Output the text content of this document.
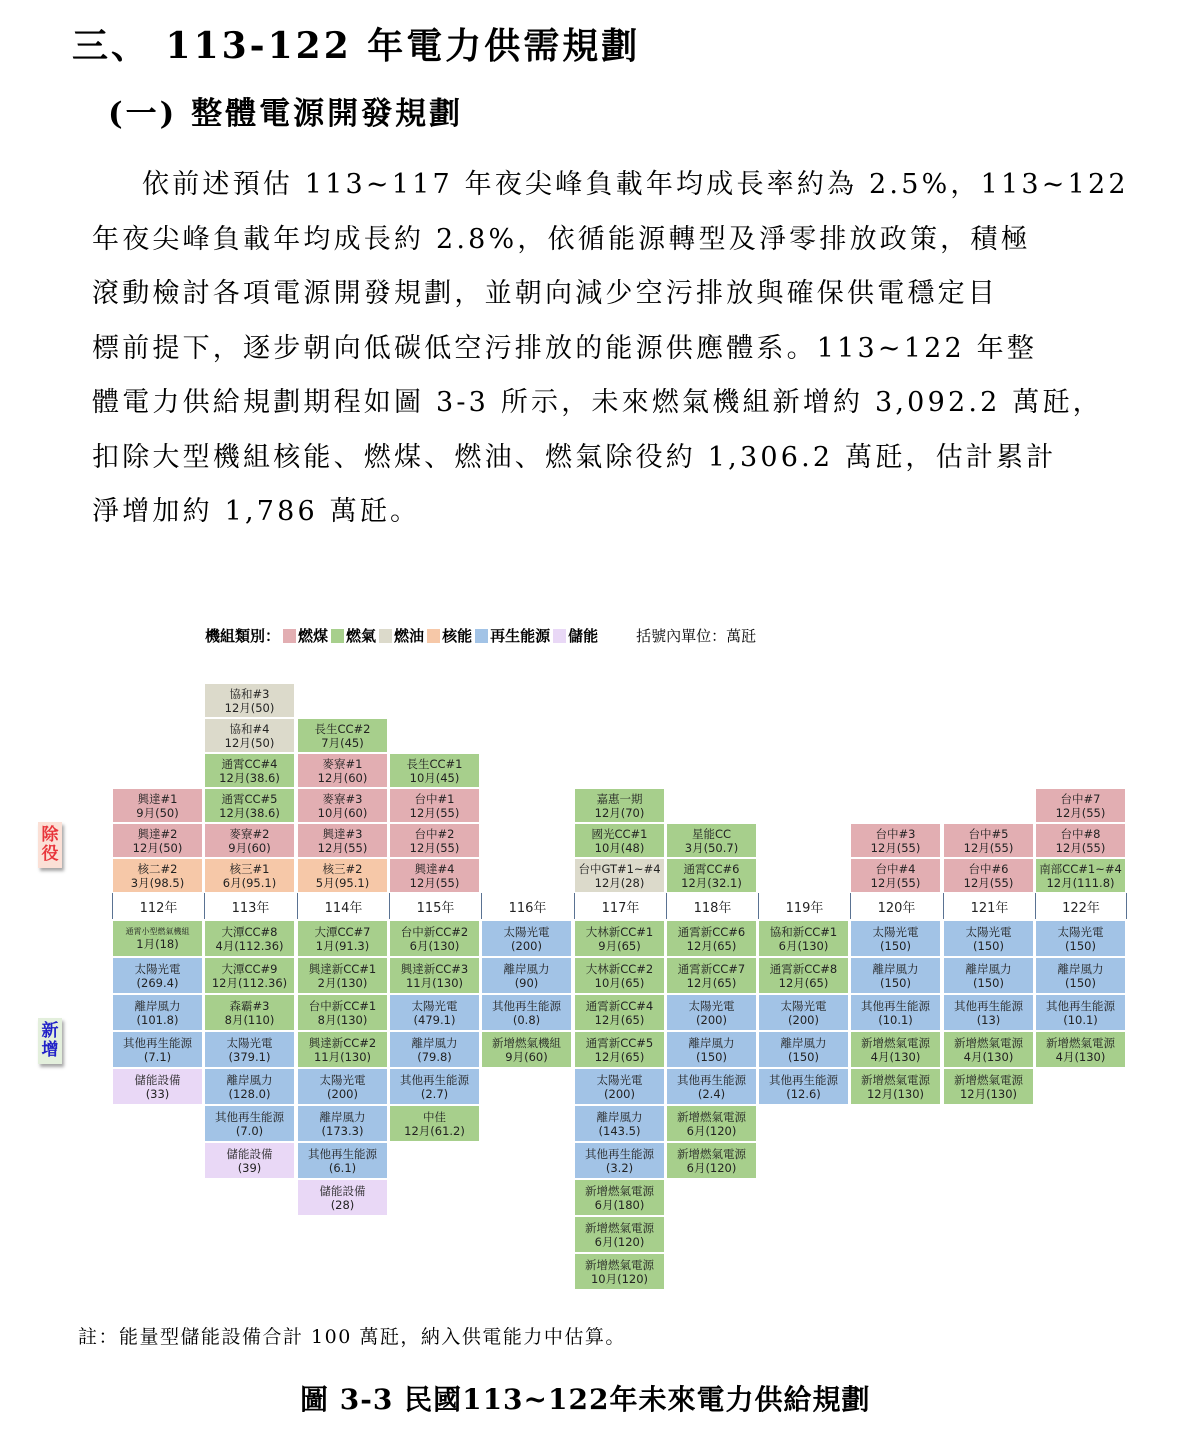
三、 113-122 年電力供需規劃
(一) 整體電源開發規劃
依前述預估 113~117 年夜尖峰負載年均成長率約為 2.5%，113~122
年夜尖峰負載年均成長約 2.8%，依循能源轉型及淨零排放政策，積極
滾動檢討各項電源開發規劃，並朝向減少空污排放與確保供電穩定目
標前提下，逐步朝向低碳低空污排放的能源供應體系。113~122 年整
體電力供給規劃期程如圖 3-3 所示，未來燃氣機組新增約 3,092.2 萬瓩，
扣除大型機組核能、燃煤、燃油、燃氣除役約 1,306.2 萬瓩，估計累計
淨增加約 1,786 萬瓩。
機組類別： 燃煤 燃氣 燃油 核能 再生能源 儲能	括號內單位：萬瓩
除
役
新
增
112年	113年	114年	115年	116年	117年	118年	119年	120年	121年	122年
核二#2
3月(98.5)
興達#2
12月(50)
興達#1
9月(50)
核三#1
6月(95.1)
麥寮#2
9月(60)
通霄CC#5
12月(38.6)
通霄CC#4
12月(38.6)
協和#4
12月(50)
協和#3
12月(50)
核三#2
5月(95.1)
興達#3
12月(55)
麥寮#3
10月(60)
麥寮#1
12月(60)
長生CC#2
7月(45)
興達#4
12月(55)
台中#2
12月(55)
台中#1
12月(55)
長生CC#1
10月(45)
台中GT#1~#4
12月(28)
國光CC#1
10月(48)
嘉惠一期
12月(70)
通霄CC#6
12月(32.1)
星能CC
3月(50.7)
台中#4
12月(55)
台中#3
12月(55)
台中#6
12月(55)
台中#5
12月(55)
南部CC#1~#4
12月(111.8)
台中#8
12月(55)
台中#7
12月(55)
通霄小型燃氣機組
1月(18)
太陽光電
(269.4)
離岸風力
(101.8)
其他再生能源
(7.1)
儲能設備
(33)
大潭CC#8
4月(112.36)
大潭CC#9
12月(112.36)
森霸#3
8月(110)
太陽光電
(379.1)
離岸風力
(128.0)
其他再生能源
(7.0)
儲能設備
(39)
大潭CC#7
1月(91.3)
興達新CC#1
2月(130)
台中新CC#1
8月(130)
興達新CC#2
11月(130)
太陽光電
(200)
離岸風力
(173.3)
其他再生能源
(6.1)
儲能設備
(28)
台中新CC#2
6月(130)
興達新CC#3
11月(130)
太陽光電
(479.1)
離岸風力
(79.8)
其他再生能源
(2.7)
中佳
12月(61.2)
太陽光電
(200)
離岸風力
(90)
其他再生能源
(0.8)
新增燃氣機組
9月(60)
大林新CC#1
9月(65)
大林新CC#2
10月(65)
通霄新CC#4
12月(65)
通霄新CC#5
12月(65)
太陽光電
(200)
離岸風力
(143.5)
其他再生能源
(3.2)
新增燃氣電源
6月(180)
新增燃氣電源
6月(120)
新增燃氣電源
10月(120)
通霄新CC#6
12月(65)
通霄新CC#7
12月(65)
太陽光電
(200)
離岸風力
(150)
其他再生能源
(2.4)
新增燃氣電源
6月(120)
新增燃氣電源
6月(120)
協和新CC#1
6月(130)
通霄新CC#8
12月(65)
太陽光電
(200)
離岸風力
(150)
其他再生能源
(12.6)
太陽光電
(150)
離岸風力
(150)
其他再生能源
(10.1)
新增燃氣電源
4月(130)
新增燃氣電源
12月(130)
太陽光電
(150)
離岸風力
(150)
其他再生能源
(13)
新增燃氣電源
4月(130)
新增燃氣電源
12月(130)
太陽光電
(150)
離岸風力
(150)
其他再生能源
(10.1)
新增燃氣電源
4月(130)
註：能量型儲能設備合計 100 萬瓩，納入供電能力中估算。
圖 3-3 民國113~122年未來電力供給規劃
